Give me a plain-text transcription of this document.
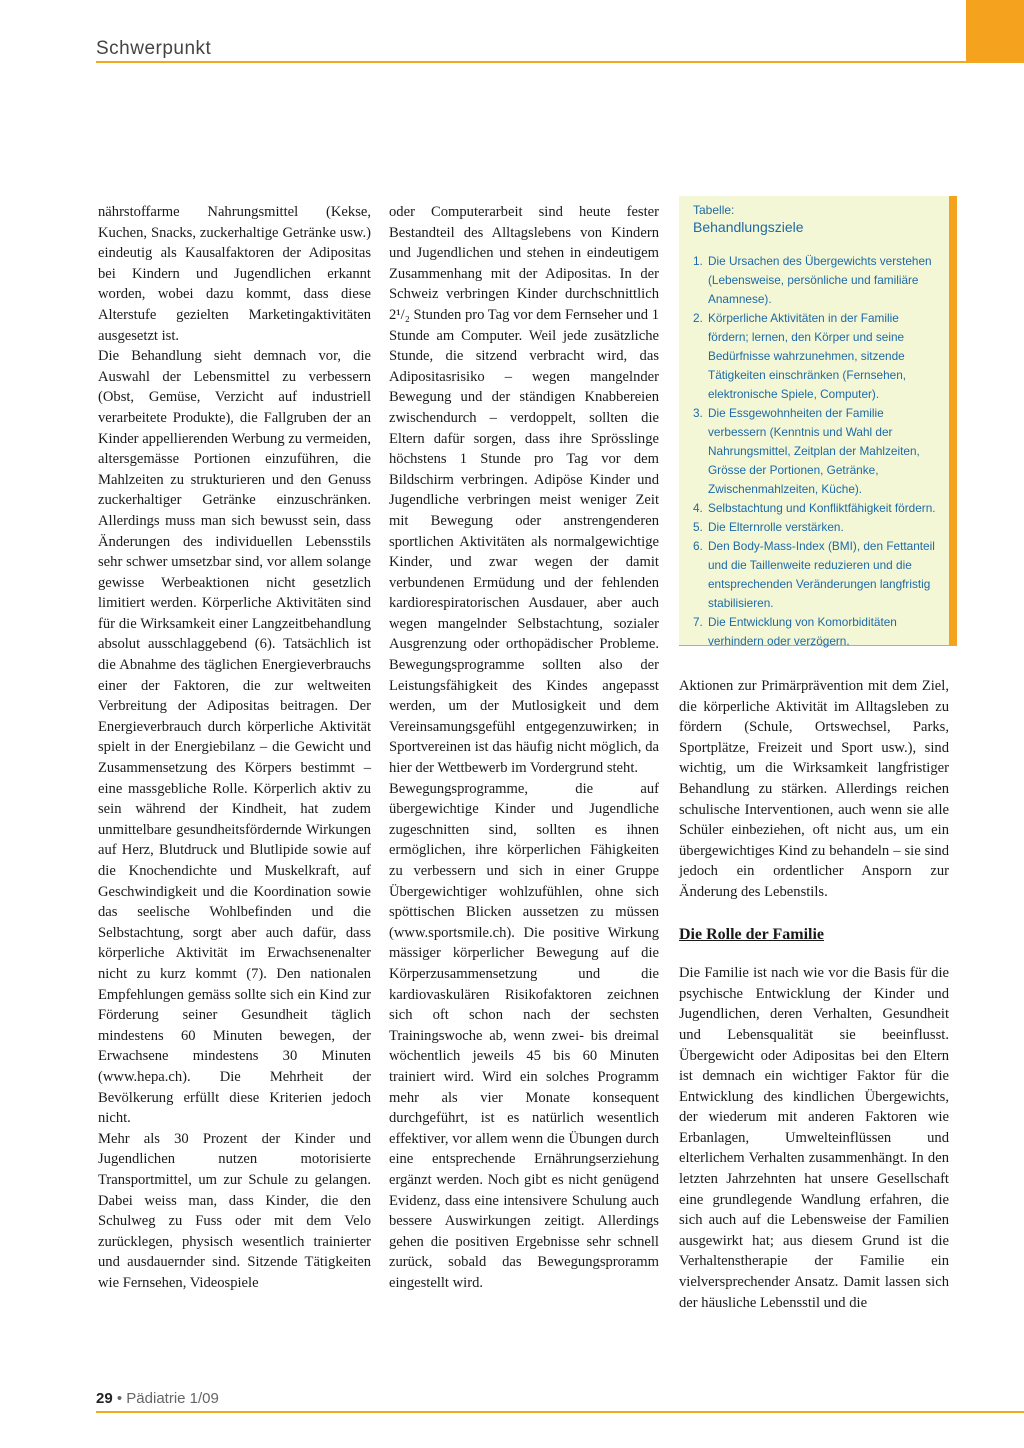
Schwerpunkt

nährstoffarme Nahrungsmittel (Kekse, Kuchen, Snacks, zuckerhaltige Getränke usw.) eindeutig als Kausalfaktoren der Adipositas bei Kindern und Jugendlichen erkannt worden, wobei dazu kommt, dass diese Alterstufe gezielten Marketingaktivitäten ausgesetzt ist.

Die Behandlung sieht demnach vor, die Auswahl der Lebensmittel zu verbessern (Obst, Gemüse, Verzicht auf industriell verarbeitete Produkte), die Fallgruben der an Kinder appellierenden Werbung zu vermeiden, altersgemässe Portionen einzuführen, die Mahlzeiten zu strukturieren und den Genuss zuckerhaltiger Getränke einzuschränken. Allerdings muss man sich bewusst sein, dass Änderungen des individuellen Lebensstils sehr schwer umsetzbar sind, vor allem solange gewisse Werbeaktionen nicht gesetzlich limitiert werden. Körperliche Aktivitäten sind für die Wirksamkeit einer Langzeitbehandlung absolut ausschlaggebend (6). Tatsächlich ist die Abnahme des täglichen Energieverbrauchs einer der Faktoren, die zur weltweiten Verbreitung der Adipositas beitragen. Der Energieverbrauch durch körperliche Aktivität spielt in der Energiebilanz – die Gewicht und Zusammensetzung des Körpers bestimmt – eine massgebliche Rolle. Körperlich aktiv zu sein während der Kindheit, hat zudem unmittelbare gesundheitsfördernde Wirkungen auf Herz, Blutdruck und Blutlipide sowie auf die Knochendichte und Muskelkraft, auf Geschwindigkeit und die Koordination sowie das seelische Wohlbefinden und die Selbstachtung, sorgt aber auch dafür, dass körperliche Aktivität im Erwachsenenalter nicht zu kurz kommt (7). Den nationalen Empfehlungen gemäss sollte sich ein Kind zur Förderung seiner Gesundheit täglich mindestens 60 Minuten bewegen, der Erwachsene mindestens 30 Minuten (www.hepa.ch). Die Mehrheit der Bevölkerung erfüllt diese Kriterien jedoch nicht.

Mehr als 30 Prozent der Kinder und Jugendlichen nutzen motorisierte Transportmittel, um zur Schule zu gelangen. Dabei weiss man, dass Kinder, die den Schulweg zu Fuss oder mit dem Velo zurücklegen, physisch wesentlich trainierter und ausdauernder sind. Sitzende Tätigkeiten wie Fernsehen, Videospiele

oder Computerarbeit sind heute fester Bestandteil des Alltagslebens von Kindern und Jugendlichen und stehen in eindeutigem Zusammenhang mit der Adipositas. In der Schweiz verbringen Kinder durchschnittlich 2¹/₂ Stunden pro Tag vor dem Fernseher und 1 Stunde am Computer. Weil jede zusätzliche Stunde, die sitzend verbracht wird, das Adipositasrisiko – wegen mangelnder Bewegung und der ständigen Knabbereien zwischendurch – verdoppelt, sollten die Eltern dafür sorgen, dass ihre Sprösslinge höchstens 1 Stunde pro Tag vor dem Bildschirm verbringen. Adipöse Kinder und Jugendliche verbringen meist weniger Zeit mit Bewegung oder anstrengenderen sportlichen Aktivitäten als normalgewichtige Kinder, und zwar wegen der damit verbundenen Ermüdung und der fehlenden kardiorespiratorischen Ausdauer, aber auch wegen mangelnder Selbstachtung, sozialer Ausgrenzung oder orthopädischer Probleme. Bewegungsprogramme sollten also der Leistungsfähigkeit des Kindes angepasst werden, um der Mutlosigkeit und dem Vereinsamungsgefühl entgegenzuwirken; in Sportvereinen ist das häufig nicht möglich, da hier der Wettbewerb im Vordergrund steht.

Bewegungsprogramme, die auf übergewichtige Kinder und Jugendliche zugeschnitten sind, sollten es ihnen ermöglichen, ihre körperlichen Fähigkeiten zu verbessern und sich in einer Gruppe Übergewichtiger wohlzufühlen, ohne sich spöttischen Blicken aussetzen zu müssen (www.sportsmile.ch). Die positive Wirkung mässiger körperlicher Bewegung auf die Körperzusammensetzung und die kardiovaskulären Risikofaktoren zeichnen sich oft schon nach der sechsten Trainingswoche ab, wenn zwei- bis dreimal wöchentlich jeweils 45 bis 60 Minuten trainiert wird. Wird ein solches Programm mehr als vier Monate konsequent durchgeführt, ist es natürlich wesentlich effektiver, vor allem wenn die Übungen durch eine entsprechende Ernährungserziehung ergänzt werden. Noch gibt es nicht genügend Evidenz, dass eine intensivere Schulung auch bessere Auswirkungen zeitigt. Allerdings gehen die positiven Ergebnisse sehr schnell zurück, sobald das Bewegungsproramm eingestellt wird.

Tabelle:
Behandlungsziele
1. Die Ursachen des Übergewichts verstehen (Lebensweise, persönliche und familiäre Anamnese).
2. Körperliche Aktivitäten in der Familie fördern; lernen, den Körper und seine Bedürfnisse wahrzunehmen, sitzende Tätigkeiten einschränken (Fernsehen, elektronische Spiele, Computer).
3. Die Essgewohnheiten der Familie verbessern (Kenntnis und Wahl der Nahrungsmittel, Zeitplan der Mahlzeiten, Grösse der Portionen, Getränke, Zwischenmahlzeiten, Küche).
4. Selbstachtung und Konfliktfähigkeit fördern.
5. Die Elternrolle verstärken.
6. Den Body-Mass-Index (BMI), den Fettanteil und die Taillenweite reduzieren und die entsprechenden Veränderungen langfristig stabilisieren.
7. Die Entwicklung von Komorbiditäten verhindern oder verzögern.

Aktionen zur Primärprävention mit dem Ziel, die körperliche Aktivität im Alltagsleben zu fördern (Schule, Ortswechsel, Parks, Sportplätze, Freizeit und Sport usw.), sind wichtig, um die Wirksamkeit langfristiger Behandlung zu stärken. Allerdings reichen schulische Interventionen, auch wenn sie alle Schüler einbeziehen, oft nicht aus, um ein übergewichtiges Kind zu behandeln – sie sind jedoch ein ordentlicher Ansporn zur Änderung des Lebenstils.

Die Rolle der Familie

Die Familie ist nach wie vor die Basis für die psychische Entwicklung der Kinder und Jugendlichen, deren Verhalten, Gesundheit und Lebensqualität sie beeinflusst. Übergewicht oder Adipositas bei den Eltern ist demnach ein wichtiger Faktor für die Entwicklung des kindlichen Übergewichts, der wiederum mit anderen Faktoren wie Erbanlagen, Umwelteinflüssen und elterlichem Verhalten zusammenhängt. In den letzten Jahrzehnten hat unsere Gesellschaft eine grundlegende Wandlung erfahren, die sich auch auf die Lebensweise der Familien ausgewirkt hat; aus diesem Grund ist die Verhaltenstherapie der Familie ein vielversprechender Ansatz. Damit lassen sich der häusliche Lebensstil und die

29 • Pädiatrie 1/09
